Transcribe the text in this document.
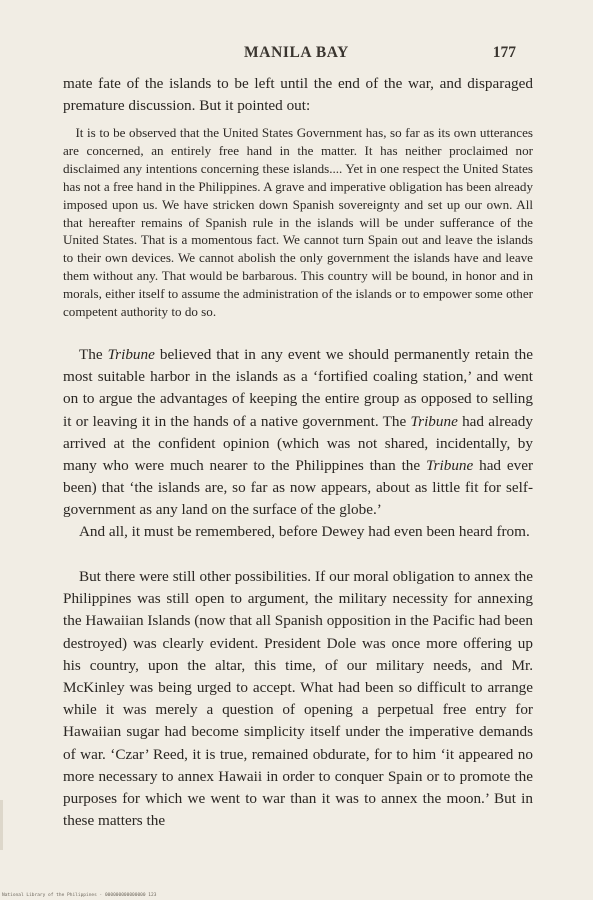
MANILA BAY	177

mate fate of the islands to be left until the end of the war, and disparaged premature discussion. But it pointed out:

It is to be observed that the United States Government has, so far as its own utterances are concerned, an entirely free hand in the matter. It has neither proclaimed nor disclaimed any intentions concerning these islands.... Yet in one respect the United States has not a free hand in the Philippines. A grave and imperative obligation has been already imposed upon us. We have stricken down Spanish sovereignty and set up our own. All that hereafter remains of Spanish rule in the islands will be under sufferance of the United States. That is a momentous fact. We cannot turn Spain out and leave the islands to their own devices. We cannot abolish the only government the islands have and leave them without any. That would be barbarous. This country will be bound, in honor and in morals, either itself to assume the administration of the islands or to empower some other competent authority to do so.

The Tribune believed that in any event we should permanently retain the most suitable harbor in the islands as a ‘fortified coaling station,’ and went on to argue the advantages of keeping the entire group as opposed to selling it or leaving it in the hands of a native government. The Tribune had already arrived at the confident opinion (which was not shared, incidentally, by many who were much nearer to the Philippines than the Tribune had ever been) that ‘the islands are, so far as now appears, about as little fit for self-government as any land on the surface of the globe.’

And all, it must be remembered, before Dewey had even been heard from.

But there were still other possibilities. If our moral obligation to annex the Philippines was still open to argument, the military necessity for annexing the Hawaiian Islands (now that all Spanish opposition in the Pacific had been destroyed) was clearly evident. President Dole was once more offering up his country, upon the altar, this time, of our military needs, and Mr. McKinley was being urged to accept. What had been so difficult to arrange while it was merely a question of opening a perpetual free entry for Hawaiian sugar had become simplicity itself under the imperative demands of war. ‘Czar’ Reed, it is true, remained obdurate, for to him ‘it appeared no more necessary to annex Hawaii in order to conquer Spain or to promote the purposes for which we went to war than it was to annex the moon.’ But in these matters the

National Library of the Philippines · 000000000000000 123
